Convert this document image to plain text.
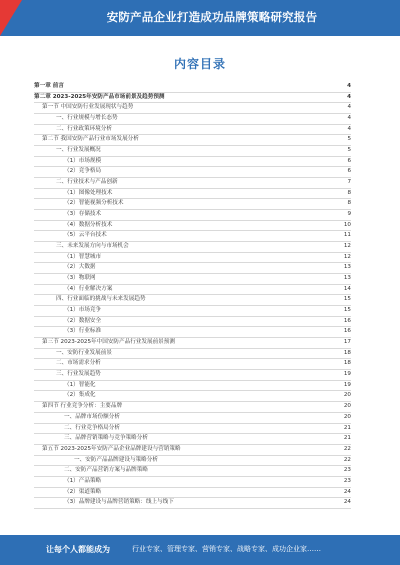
安防产品企业打造成功品牌策略研究报告
内容目录
第一章 前言	4
第二章 2023-2025年安防产品市场前景及趋势预测	4
第一节 中国安防行业发展现状与趋势	4
一、行业规模与增长态势	4
二、行业政策环境分析	4
第二节 我国安防产品行业市场发展分析	5
一、行业发展概况	5
（1）市场规模	6
（2）竞争格局	6
二、行业技术与产品创新	7
（1）图像处理技术	8
（2）智能视频分析技术	8
（3）存储技术	9
（4）数据分析技术	10
（5）云平台技术	11
三、未来发展方向与市场机会	12
（1）智慧城市	12
（2）大数据	13
（3）物联网	13
（4）行业解决方案	14
四、行业面临的挑战与未来发展趋势	15
（1）市场竞争	15
（2）数据安全	16
（3）行业标准	16
第三节 2023-2025年中国安防产品行业发展前景预测	17
一、安防行业发展前景	18
二、市场需求分析	18
三、行业发展趋势	19
（1）智能化	19
（2）集成化	20
第四节 行业竞争分析：主要品牌	20
一、品牌市场份额分析	20
二、行业竞争格局分析	21
三、品牌营销策略与竞争策略分析	21
第五节 2023-2025年安防产品企业品牌建设与营销策略	22
一、安防产品品牌建设与策略分析	22
二、安防产品营销方案与品牌策略	23
（1）产品策略	23
（2）渠道策略	24
（3）品牌建设与品牌营销策略：线上与线下	24
让每个人都能成为	行业专家、管理专家、营销专家、战略专家、成功企业家……
